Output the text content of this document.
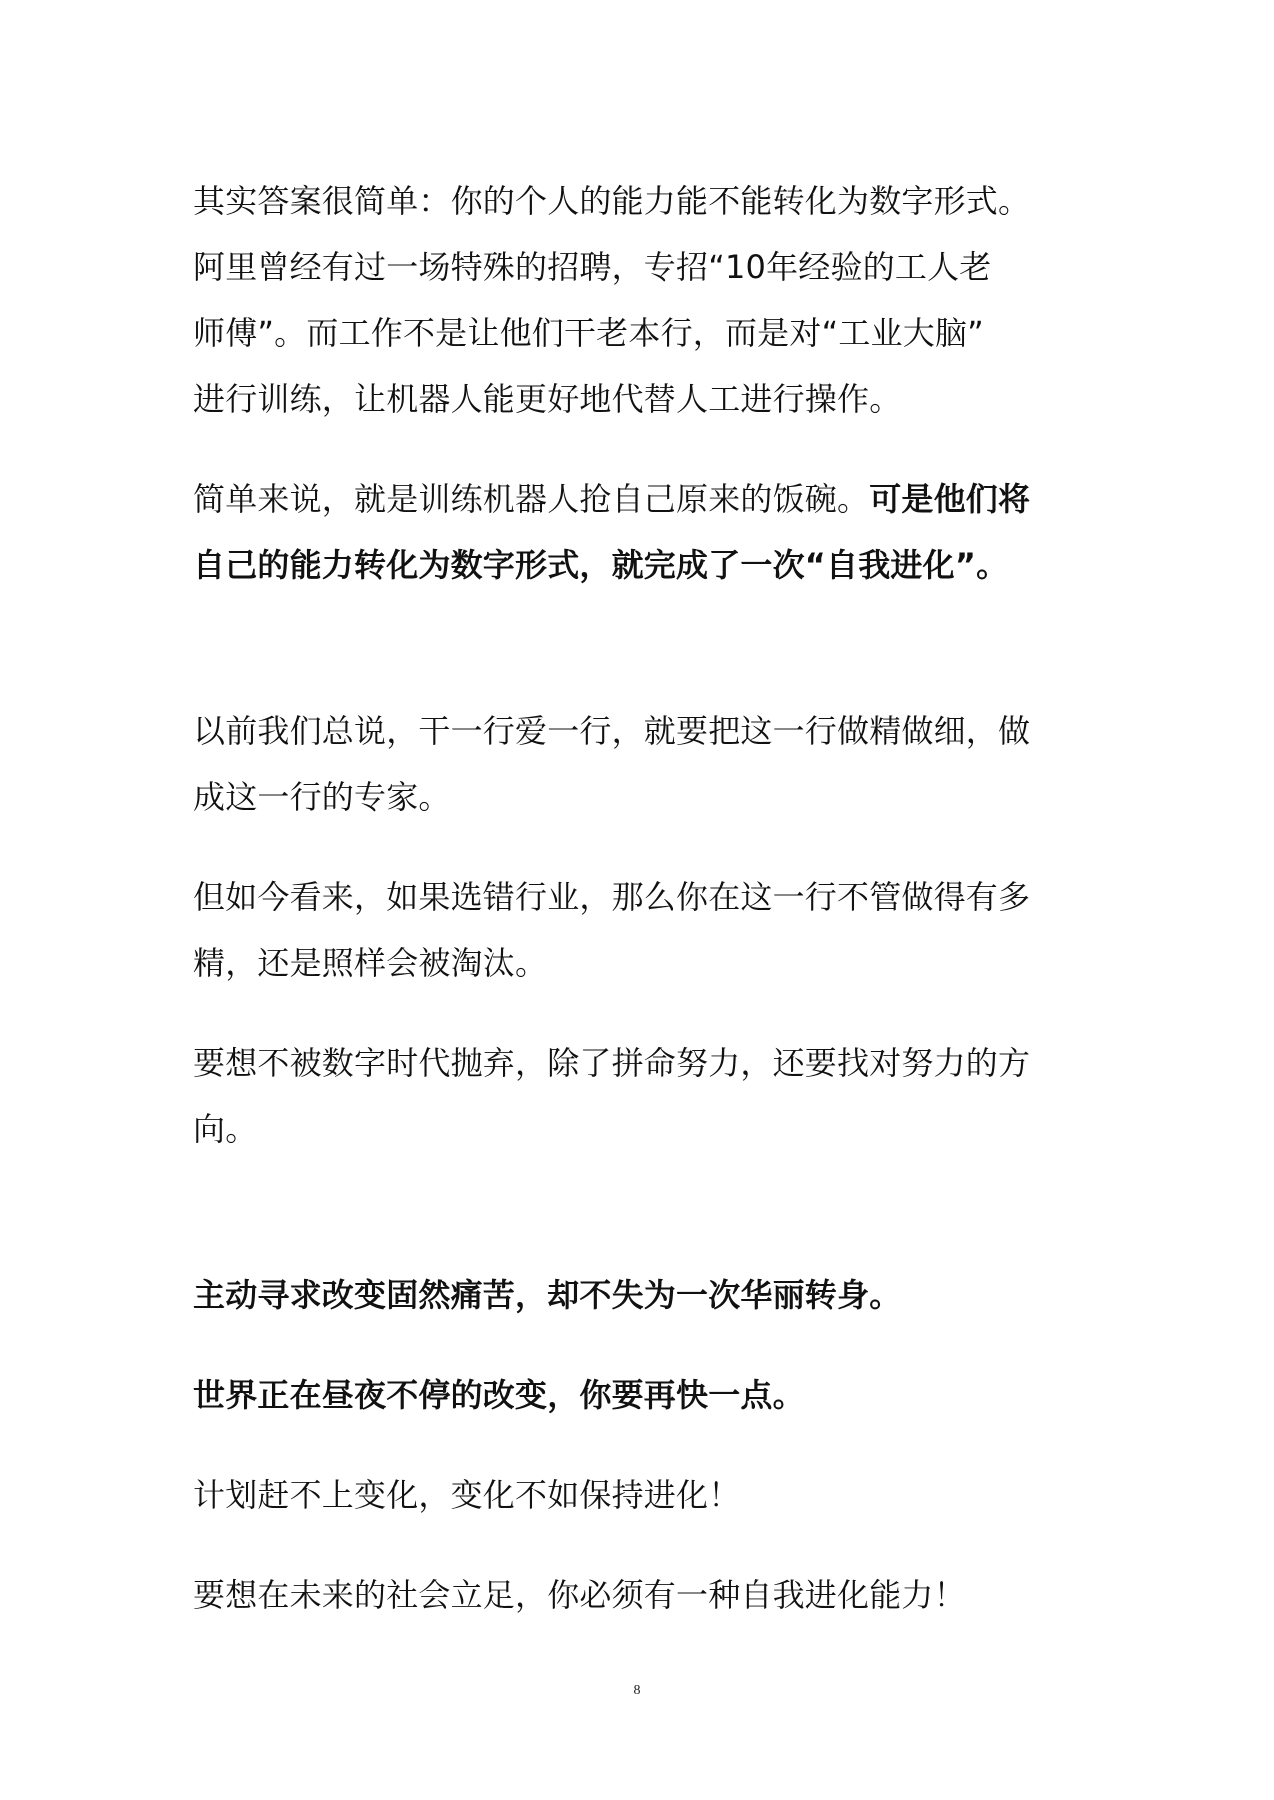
其实答案很简单：你的个人的能力能不能转化为数字形式。
阿里曾经有过一场特殊的招聘，专招“10年经验的工人老
师傅”。而工作不是让他们干老本行，而是对“工业大脑”
进行训练，让机器人能更好地代替人工进行操作。

简单来说，就是训练机器人抢自己原来的饭碗。可是他们将
自己的能力转化为数字形式，就完成了一次“自我进化”。

以前我们总说，干一行爱一行，就要把这一行做精做细，做
成这一行的专家。

但如今看来，如果选错行业，那么你在这一行不管做得有多
精，还是照样会被淘汰。

要想不被数字时代抛弃，除了拼命努力，还要找对努力的方
向。

主动寻求改变固然痛苦，却不失为一次华丽转身。

世界正在昼夜不停的改变，你要再快一点。

计划赶不上变化，变化不如保持进化！

要想在未来的社会立足，你必须有一种自我进化能力！

8
